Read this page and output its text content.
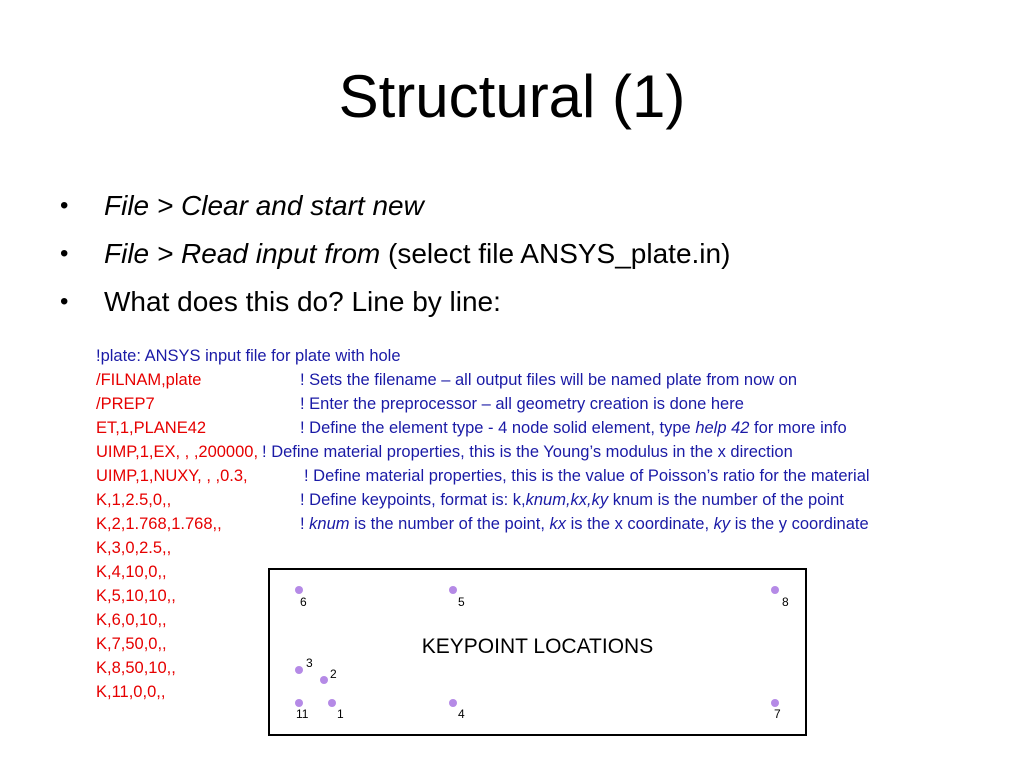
Structural (1)
• File > Clear and start new
• File > Read input from (select file ANSYS_plate.in)
• What does this do? Line by line:
!plate: ANSYS input file for plate with hole
/FILNAM,plate	! Sets the filename – all output files will be named plate from now on
/PREP7	! Enter the preprocessor – all geometry creation is done here
ET,1,PLANE42	! Define the element type - 4 node solid element, type help 42 for more info
UIMP,1,EX, , ,200000, ! Define material properties, this is the Young’s modulus in the x direction
UIMP,1,NUXY, , ,0.3,	! Define material properties, this is the value of Poisson’s ratio for the material
K,1,2.5,0,,	! Define keypoints, format is: k,knum,kx,ky knum is the number of the point
K,2,1.768,1.768,,	! knum is the number of the point, kx is the x coordinate, ky is the y coordinate
K,3,0,2.5,,
K,4,10,0,,
K,5,10,10,,
K,6,0,10,,
K,7,50,0,,
K,8,50,10,,
K,11,0,0,,
KEYPOINT LOCATIONS
6	5	8
3
2
11 1	4	7
